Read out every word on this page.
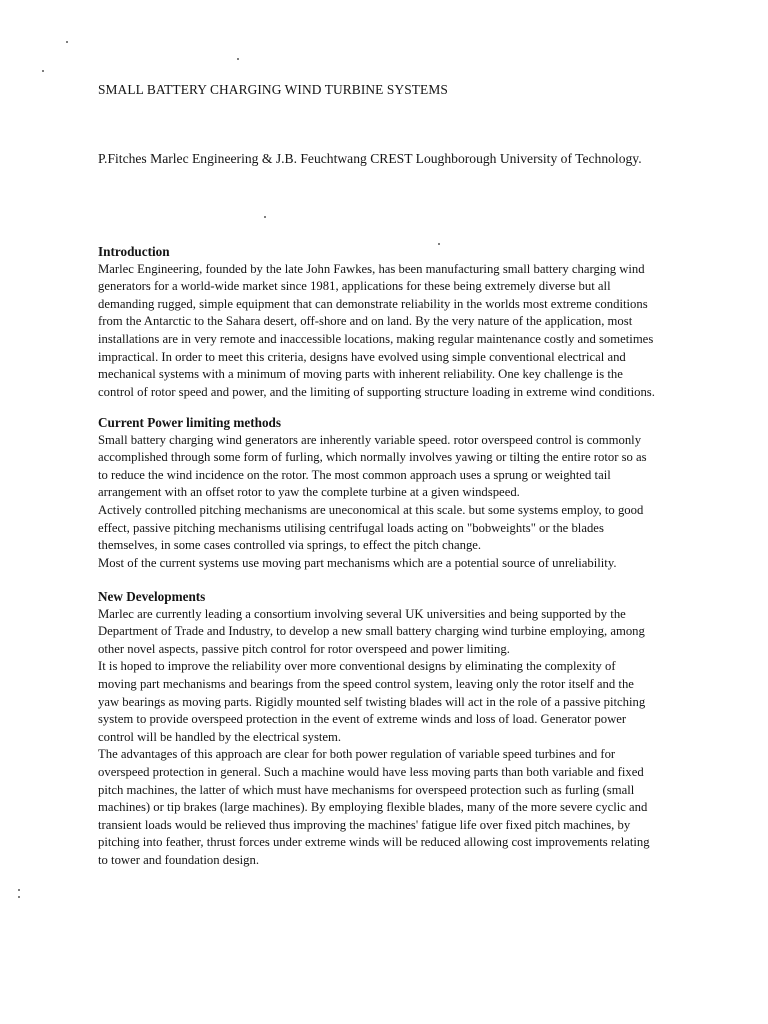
SMALL BATTERY CHARGING WIND TURBINE SYSTEMS

P.Fitches Marlec Engineering & J.B. Feuchtwang CREST Loughborough University of Technology.

Introduction

Marlec Engineering, founded by the late John Fawkes, has been manufacturing small battery charging wind

generators for a world-wide market since 1981, applications for these being extremely diverse but all

demanding rugged, simple equipment that can demonstrate reliability in the worlds most extreme conditions

from the Antarctic to the Sahara desert, off-shore and on land. By the very nature of the application, most

installations are in very remote and inaccessible locations, making regular maintenance costly and sometimes

impractical. In order to meet this criteria, designs have evolved using simple conventional electrical and

mechanical systems with a minimum of moving parts with inherent reliability. One key challenge is the

control of rotor speed and power, and the limiting of supporting structure loading in extreme wind conditions.

Current Power limiting methods

Small battery charging wind generators are inherently variable speed. rotor overspeed control is commonly

accomplished through some form of furling, which normally involves yawing or tilting the entire rotor so as

to reduce the wind incidence on the rotor. The most common approach uses a sprung or weighted tail

arrangement with an offset rotor to yaw the complete turbine at a given windspeed.

Actively controlled pitching mechanisms are uneconomical at this scale. but some systems employ, to good

effect, passive pitching mechanisms utilising centrifugal loads acting on "bobweights" or the blades

themselves, in some cases controlled via springs, to effect the pitch change.

Most of the current systems use moving part mechanisms which are a potential source of unreliability.

New Developments

Marlec are currently leading a consortium involving several UK universities and being supported by the

Department of Trade and Industry, to develop a new small battery charging wind turbine employing, among

other novel aspects, passive pitch control for rotor overspeed and power limiting.

It is hoped to improve the reliability over more conventional designs by eliminating the complexity of

moving part mechanisms and bearings from the speed control system, leaving only the rotor itself and the

yaw bearings as moving parts. Rigidly mounted self twisting blades will act in the role of a passive pitching

system to provide overspeed protection in the event of extreme winds and loss of load. Generator power

control will be handled by the electrical system.

The advantages of this approach are clear for both power regulation of variable speed turbines and for

overspeed protection in general. Such a machine would have less moving parts than both variable and fixed

pitch machines, the latter of which must have mechanisms for overspeed protection such as furling (small

machines) or tip brakes (large machines). By employing flexible blades, many of the more severe cyclic and

transient loads would be relieved thus improving the machines' fatigue life over fixed pitch machines, by

pitching into feather, thrust forces under extreme winds will be reduced allowing cost improvements relating

to tower and foundation design.
